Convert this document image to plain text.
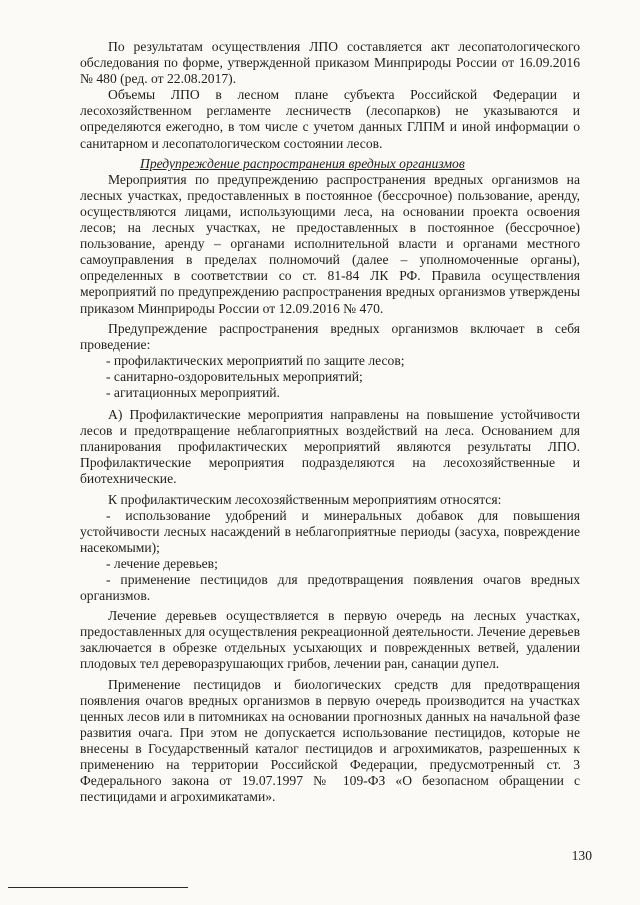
По результатам осуществления ЛПО составляется акт лесопатологического обследования по форме, утвержденной приказом Минприроды России от 16.09.2016 № 480 (ред. от 22.08.2017).

Объемы ЛПО в лесном плане субъекта Российской Федерации и лесохозяйственном регламенте лесничеств (лесопарков) не указываются и определяются ежегодно, в том числе с учетом данных ГЛПМ и иной информации о санитарном и лесопатологическом состоянии лесов.

Предупреждение распространения вредных организмов

Мероприятия по предупреждению распространения вредных организмов на лесных участках, предоставленных в постоянное (бессрочное) пользование, аренду, осуществляются лицами, использующими леса, на основании проекта освоения лесов; на лесных участках, не предоставленных в постоянное (бессрочное) пользование, аренду – органами исполнительной власти и органами местного самоуправления в пределах полномочий (далее – уполномоченные органы), определенных в соответствии со ст. 81-84 ЛК РФ. Правила осуществления мероприятий по предупреждению распространения вредных организмов утверждены приказом Минприроды России от 12.09.2016 № 470.

Предупреждение распространения вредных организмов включает в себя проведение:

- профилактических мероприятий по защите лесов;
- санитарно-оздоровительных мероприятий;
- агитационных мероприятий.

А) Профилактические мероприятия направлены на повышение устойчивости лесов и предотвращение неблагоприятных воздействий на леса. Основанием для планирования профилактических мероприятий являются результаты ЛПО. Профилактические мероприятия подразделяются на лесохозяйственные и биотехнические.

К профилактическим лесохозяйственным мероприятиям относятся:

- использование удобрений и минеральных добавок для повышения устойчивости лесных насаждений в неблагоприятные периоды (засуха, повреждение насекомыми);
- лечение деревьев;
- применение пестицидов для предотвращения появления очагов вредных организмов.

Лечение деревьев осуществляется в первую очередь на лесных участках, предоставленных для осуществления рекреационной деятельности. Лечение деревьев заключается в обрезке отдельных усыхающих и поврежденных ветвей, удалении плодовых тел дереворазрушающих грибов, лечении ран, санации дупел.

Применение пестицидов и биологических средств для предотвращения появления очагов вредных организмов в первую очередь производится на участках ценных лесов или в питомниках на основании прогнозных данных на начальной фазе развития очага. При этом не допускается использование пестицидов, которые не внесены в Государственный каталог пестицидов и агрохимикатов, разрешенных к применению на территории Российской Федерации, предусмотренный ст. 3 Федерального закона от 19.07.1997 № 109-ФЗ «О безопасном обращении с пестицидами и агрохимикатами».

130
